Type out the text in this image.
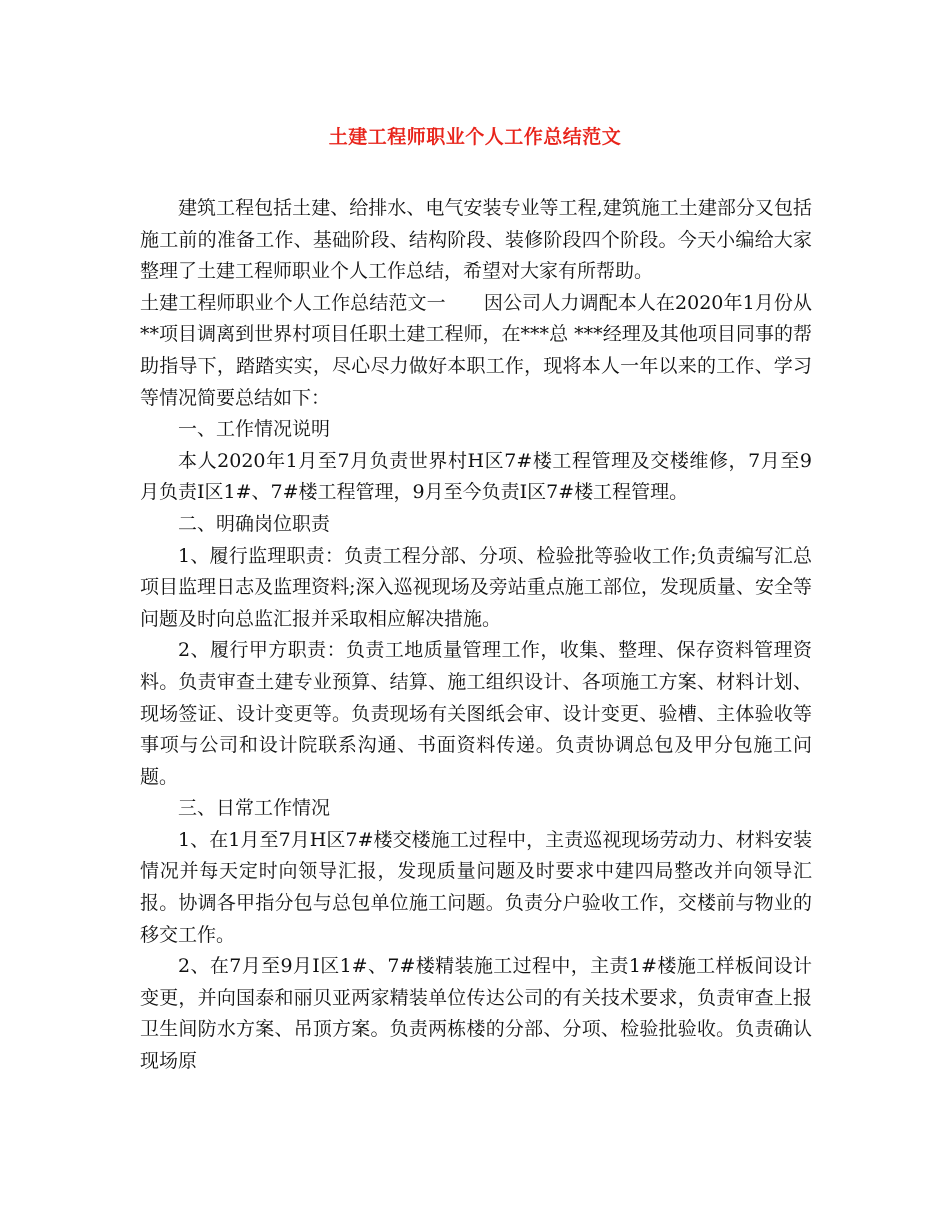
土建工程师职业个人工作总结范文

建筑工程包括土建、给排水、电气安装专业等工程,建筑施工土建部分又包括施工前的准备工作、基础阶段、结构阶段、装修阶段四个阶段。今天小编给大家整理了土建工程师职业个人工作总结，希望对大家有所帮助。

土建工程师职业个人工作总结范文一　　因公司人力调配本人在2020年1月份从**项目调离到世界村项目任职土建工程师，在***总 ***经理及其他项目同事的帮助指导下，踏踏实实，尽心尽力做好本职工作，现将本人一年以来的工作、学习等情况简要总结如下：

一、工作情况说明

本人2020年1月至7月负责世界村H区7#楼工程管理及交楼维修，7月至9月负责I区1#、7#楼工程管理，9月至今负责I区7#楼工程管理。

二、明确岗位职责

1、履行监理职责：负责工程分部、分项、检验批等验收工作;负责编写汇总项目监理日志及监理资料;深入巡视现场及旁站重点施工部位，发现质量、安全等问题及时向总监汇报并采取相应解决措施。

2、履行甲方职责：负责工地质量管理工作，收集、整理、保存资料管理资料。负责审查土建专业预算、结算、施工组织设计、各项施工方案、材料计划、现场签证、设计变更等。负责现场有关图纸会审、设计变更、验槽、主体验收等事项与公司和设计院联系沟通、书面资料传递。负责协调总包及甲分包施工问题。

三、日常工作情况

1、在1月至7月H区7#楼交楼施工过程中，主责巡视现场劳动力、材料安装情况并每天定时向领导汇报，发现质量问题及时要求中建四局整改并向领导汇报。协调各甲指分包与总包单位施工问题。负责分户验收工作，交楼前与物业的移交工作。

2、在7月至9月I区1#、7#楼精装施工过程中，主责1#楼施工样板间设计变更，并向国泰和丽贝亚两家精装单位传达公司的有关技术要求，负责审查上报卫生间防水方案、吊顶方案。负责两栋楼的分部、分项、检验批验收。负责确认现场原
